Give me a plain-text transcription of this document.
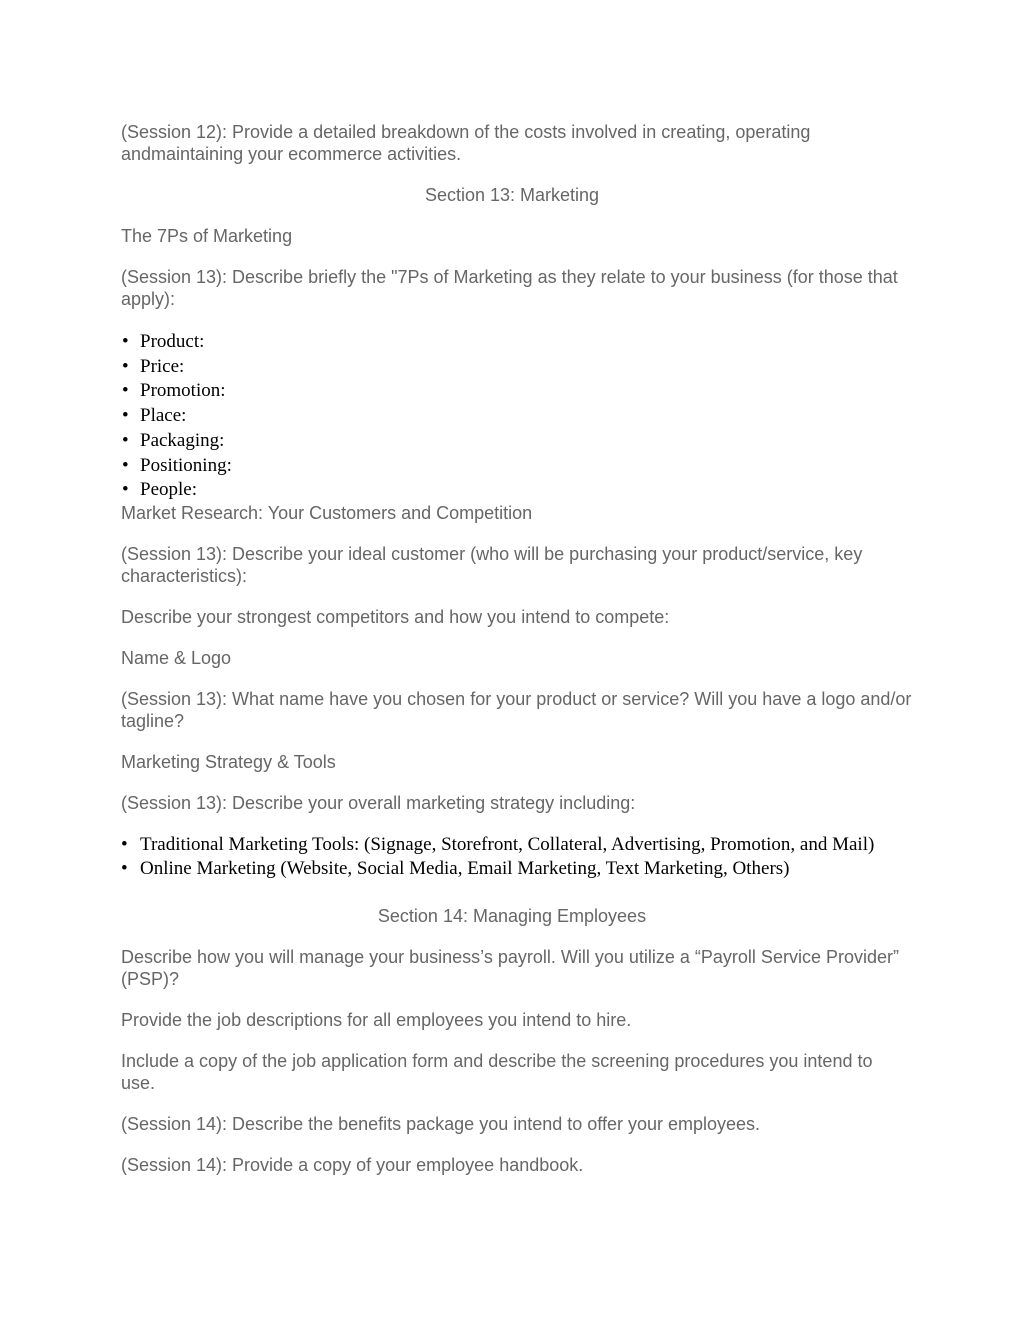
(Session 12): Provide a detailed breakdown of the costs involved in creating, operating andmaintaining your ecommerce activities.

Section 13: Marketing

The 7Ps of Marketing

(Session 13): Describe briefly the "7Ps of Marketing as they relate to your business (for those that apply):

• Product:
• Price:
• Promotion:
• Place:
• Packaging:
• Positioning:
• People:

Market Research: Your Customers and Competition

(Session 13): Describe your ideal customer (who will be purchasing your product/service, key characteristics):

Describe your strongest competitors and how you intend to compete:

Name & Logo

(Session 13): What name have you chosen for your product or service? Will you have a logo and/or tagline?

Marketing Strategy & Tools

(Session 13): Describe your overall marketing strategy including:

• Traditional Marketing Tools: (Signage, Storefront, Collateral, Advertising, Promotion, and Mail)
• Online Marketing (Website, Social Media, Email Marketing, Text Marketing, Others)

Section 14: Managing Employees

Describe how you will manage your business’s payroll. Will you utilize a “Payroll Service Provider” (PSP)?

Provide the job descriptions for all employees you intend to hire.

Include a copy of the job application form and describe the screening procedures you intend to use.

(Session 14): Describe the benefits package you intend to offer your employees.

(Session 14): Provide a copy of your employee handbook.
